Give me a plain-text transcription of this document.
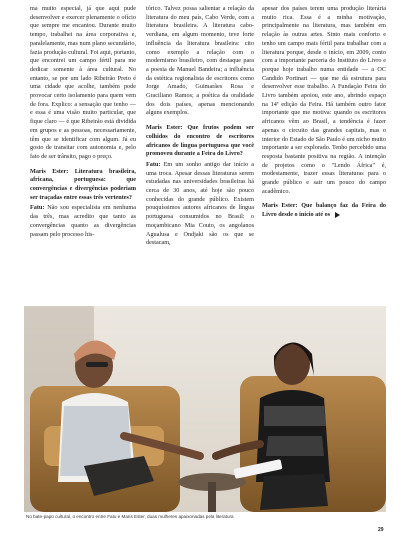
ma muito especial, já que aqui pude desenvolver e exercer plenamente o ofício que sempre me encantou. Durante muito tempo, trabalhei na área corporativa e, paralelamente, mas num plano secundário, fazia produção cultural. Foi aqui, portanto, que encontrei um campo fértil para me dedicar somente à área cultural. No entanto, se por um lado Ribeirão Preto é uma cidade que acolhe, também pode provocar certo isolamento para quem vem de fora. Explico: a sensação que tenho — e essa é uma visão muito particular, que fique claro — é que Ribeirão está dividida em grupos e as pessoas, necessariamente, têm que se identificar com algum. Já eu gosto de transitar com autonomia e, pelo fato de ser trânsito, pago o preço.

Maris Ester: Literatura brasileira, africana, portuguesa: que convergências e divergências poderiam ser traçadas entre essas três vertentes?

Fatu: Não sou especialista em nenhuma das três, mas acredito que tanto as convergências quanto as divergências passam pelo processo his-

tórico. Talvez possa salientar a relação da literatura do meu país, Cabo Verde, com a literatura brasileira. A literatura cabo-verdiana, em algum momento, teve forte influência da literatura brasileira: cito como exemplo a relação com o modernismo brasileiro, com destaque para a poesia de Manuel Bandeira; a influência da estética regionalista de escritores como Jorge Amado, Guimarães Rosa e Graciliano Ramos; a poética da oralidade dos dois países, apenas mencionando alguns exemplos.

Maris Ester: Que frutos podem ser colhidos do encontro de escritores africanos de língua portuguesa que você promoveu durante a Feira do Livro?

Fatu: Em um sonho antigo dar início a uma troca. Apesar dessas literaturas serem estudadas nas universidades brasileiras há cerca de 30 anos, até hoje são pouco conhecidas do grande público. Existem pouquíssimos autores africanos de língua portuguesa consumidos no Brasil: o moçambicano Mia Couto, os angolanos Agualusa e Ondjaki são os que se destacam,

apesar dos países terem uma produção literária muito rica. Essa é a minha motivação, principalmente na literatura, mas também em relação às outras artes. Sinto mais conforto e tenho um campo mais fértil para trabalhar com a literatura porque, desde o início, em 2009, conto com a importante parceria do Instituto do Livro e porque hoje trabalho numa entidade — a OC Candido Portinari — que me dá estrutura para desenvolver esse trabalho. A Fundação Feira do Livro também apoiou, este ano, abrindo espaço na 14ª edição da Feira. Há também outro fator importante que me motiva: quando os escritores africanos vêm ao Brasil, a tendência é fazer apenas o circuito das grandes capitais, mas o interior do Estado de São Paulo é um nicho muito importante a ser explorado. Tenho percebido uma resposta bastante positiva na região. A intenção de projetos como o "Lendo África" é, modestamente, trazer essas literaturas para o grande público e sair um pouco do campo acadêmico.

Maris Ester: Que balanço faz da Feira do Livro desde o início até os

No bate-papo cultural, o encontro entre Fatu e Maris Ester, duas mulheres apaixonadas pela literatura
29
